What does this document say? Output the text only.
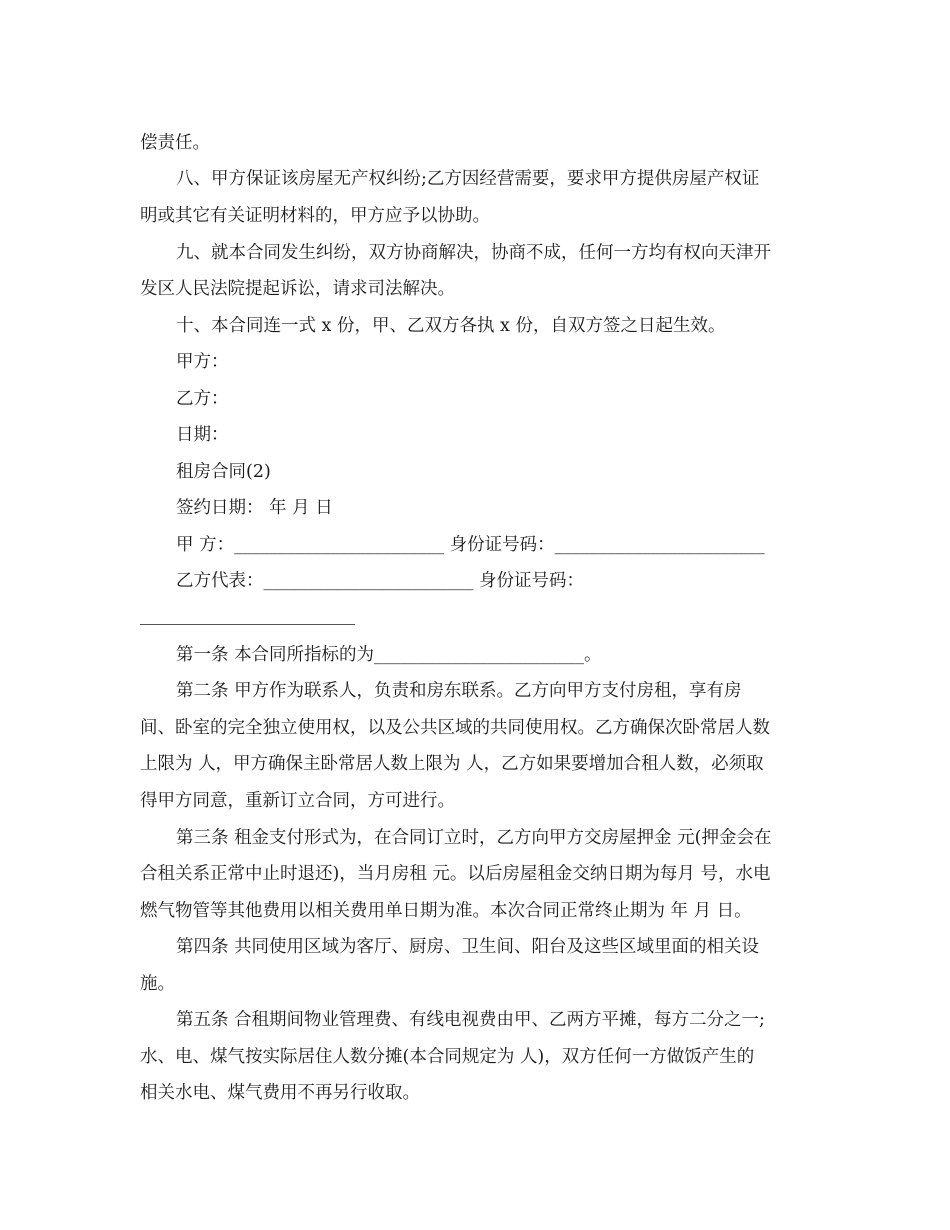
偿责任。
八、甲方保证该房屋无产权纠纷;乙方因经营需要，要求甲方提供房屋产权证
明或其它有关证明材料的，甲方应予以协助。
九、就本合同发生纠纷，双方协商解决，协商不成，任何一方均有权向天津开
发区人民法院提起诉讼，请求司法解决。
十、本合同连一式 x 份，甲、乙双方各执 x 份，自双方签之日起生效。
甲方：
乙方：
日期：
租房合同(2)
签约日期： 年 月 日
甲 方：________________________ 身份证号码：________________________
乙方代表：________________________ 身份证号码：
第一条 本合同所指标的为________________________。
第二条 甲方作为联系人，负责和房东联系。乙方向甲方支付房租，享有房
间、卧室的完全独立使用权，以及公共区域的共同使用权。乙方确保次卧常居人数
上限为 人，甲方确保主卧常居人数上限为 人，乙方如果要增加合租人数，必须取
得甲方同意，重新订立合同，方可进行。
第三条 租金支付形式为，在合同订立时，乙方向甲方交房屋押金 元(押金会在
合租关系正常中止时退还)，当月房租 元。以后房屋租金交纳日期为每月 号，水电
燃气物管等其他费用以相关费用单日期为准。本次合同正常终止期为 年 月 日。
第四条 共同使用区域为客厅、厨房、卫生间、阳台及这些区域里面的相关设
施。
第五条 合租期间物业管理费、有线电视费由甲、乙两方平摊，每方二分之一;
水、电、煤气按实际居住人数分摊(本合同规定为 人)，双方任何一方做饭产生的
相关水电、煤气费用不再另行收取。
